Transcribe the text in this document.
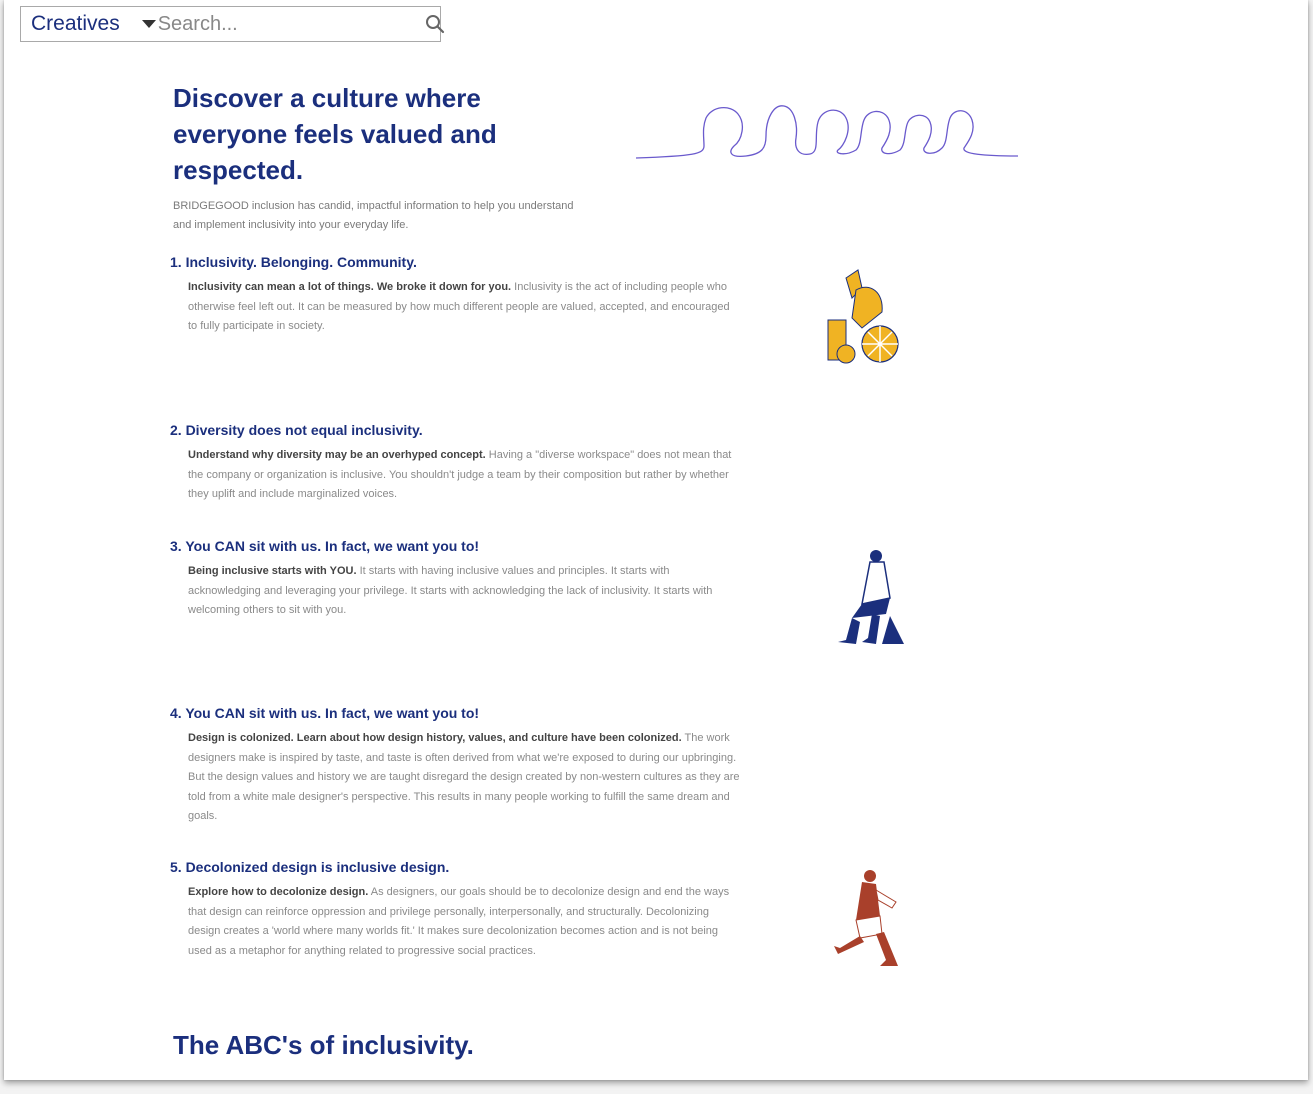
Creatives
Search...
Discover a culture where everyone feels valued and respected.
BRIDGEGOOD inclusion has candid, impactful information to help you understand and implement inclusivity into your everyday life.
1. Inclusivity. Belonging. Community.

Inclusivity can mean a lot of things. We broke it down for you. Inclusivity is the act of including people who otherwise feel left out. It can be measured by how much different people are valued, accepted, and encouraged to fully participate in society.

2. Diversity does not equal inclusivity.

Understand why diversity may be an overhyped concept. Having a "diverse workspace" does not mean that the company or organization is inclusive. You shouldn't judge a team by their composition but rather by whether they uplift and include marginalized voices.

3. You CAN sit with us. In fact, we want you to!

Being inclusive starts with YOU. It starts with having inclusive values and principles. It starts with acknowledging and leveraging your privilege. It starts with acknowledging the lack of inclusivity. It starts with welcoming others to sit with you.

4. You CAN sit with us. In fact, we want you to!

Design is colonized. Learn about how design history, values, and culture have been colonized. The work designers make is inspired by taste, and taste is often derived from what we're exposed to during our upbringing. But the design values and history we are taught disregard the design created by non-western cultures as they are told from a white male designer's perspective. This results in many people working to fulfill the same dream and goals.

5. Decolonized design is inclusive design.

Explore how to decolonize design. As designers, our goals should be to decolonize design and end the ways that design can reinforce oppression and privilege personally, interpersonally, and structurally. Decolonizing design creates a 'world where many worlds fit.' It makes sure decolonization becomes action and is not being used as a metaphor for anything related to progressive social practices.

The ABC's of inclusivity.
